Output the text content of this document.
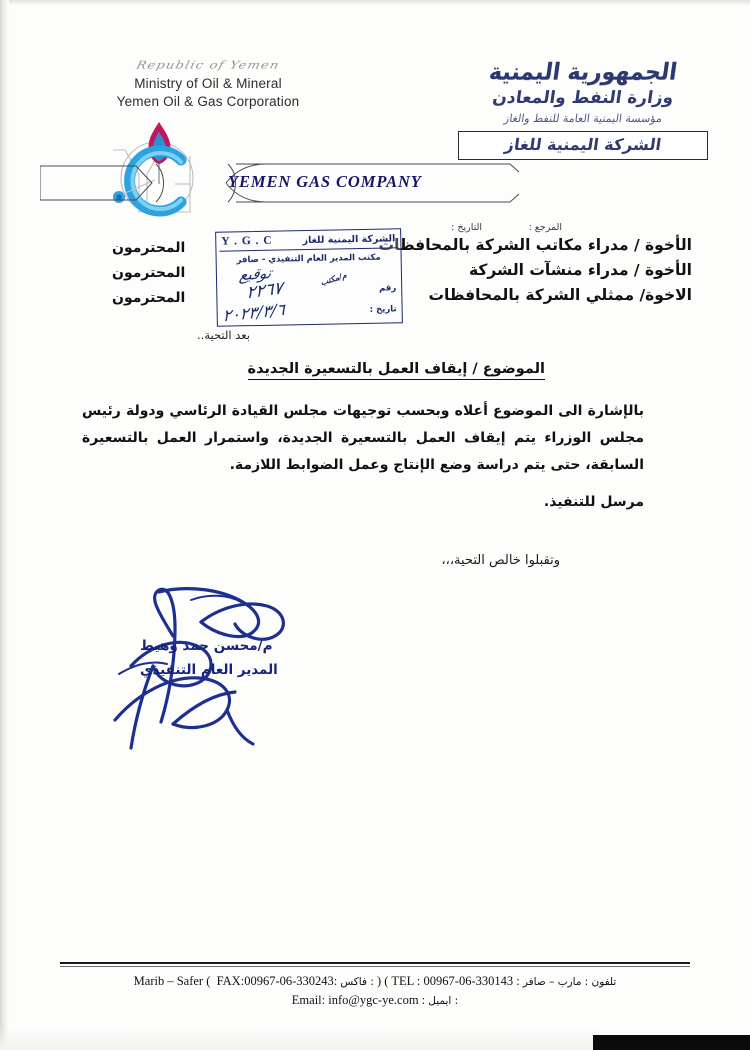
Republic of Yemen
Ministry of Oil & Mineral
Yemen Oil & Gas Corporation
YEMEN GAS COMPANY
الجمهورية اليمنية
وزارة النفط والمعادن
مؤسسة اليمنية العامة للنفط والغاز
الشركة اليمنية للغاز
التاريخ :	المرجع :
الأخوة / مدراء مكاتب الشركة بالمحافظات
الأخوة / مدراء منشآت الشركة
الاخوة/ ممثلي الشركة بالمحافظات
المحترمون
المحترمون
المحترمون
بعد التحية..
الشركة اليمنية للغاز
Y . G . C
مكتب المدير العام التنفيذي - صافر
رقم
تاريخ :
توقيع
٢٢٦٧	م/مكتب
٢٠٢٣/٣/٦
الموضوع / إيقاف العمل بالتسعيرة الجديدة

بالإشارة الى الموضوع أعلاه وبحسب توجيهات مجلس القيادة الرئاسي ودولة رئيس مجلس الوزراء يتم إيقاف العمل بالتسعيرة الجديدة، واستمرار العمل بالتسعيرة السابقة، حتى يتم دراسة وضع الإنتاج وعمل الضوابط اللازمة.

مرسل للتنفيذ.

وتقبلوا خالص التحية،،،
م/محسن حمد وهيط
المدير العام التنفيذي
Marib – Safer (  FAX:00967-06-330243: فاكس : ) ( TEL : 00967-06-330143 :	تلفون : مارب – صافر
Email: info@ygc-ye.com : ايميل :
